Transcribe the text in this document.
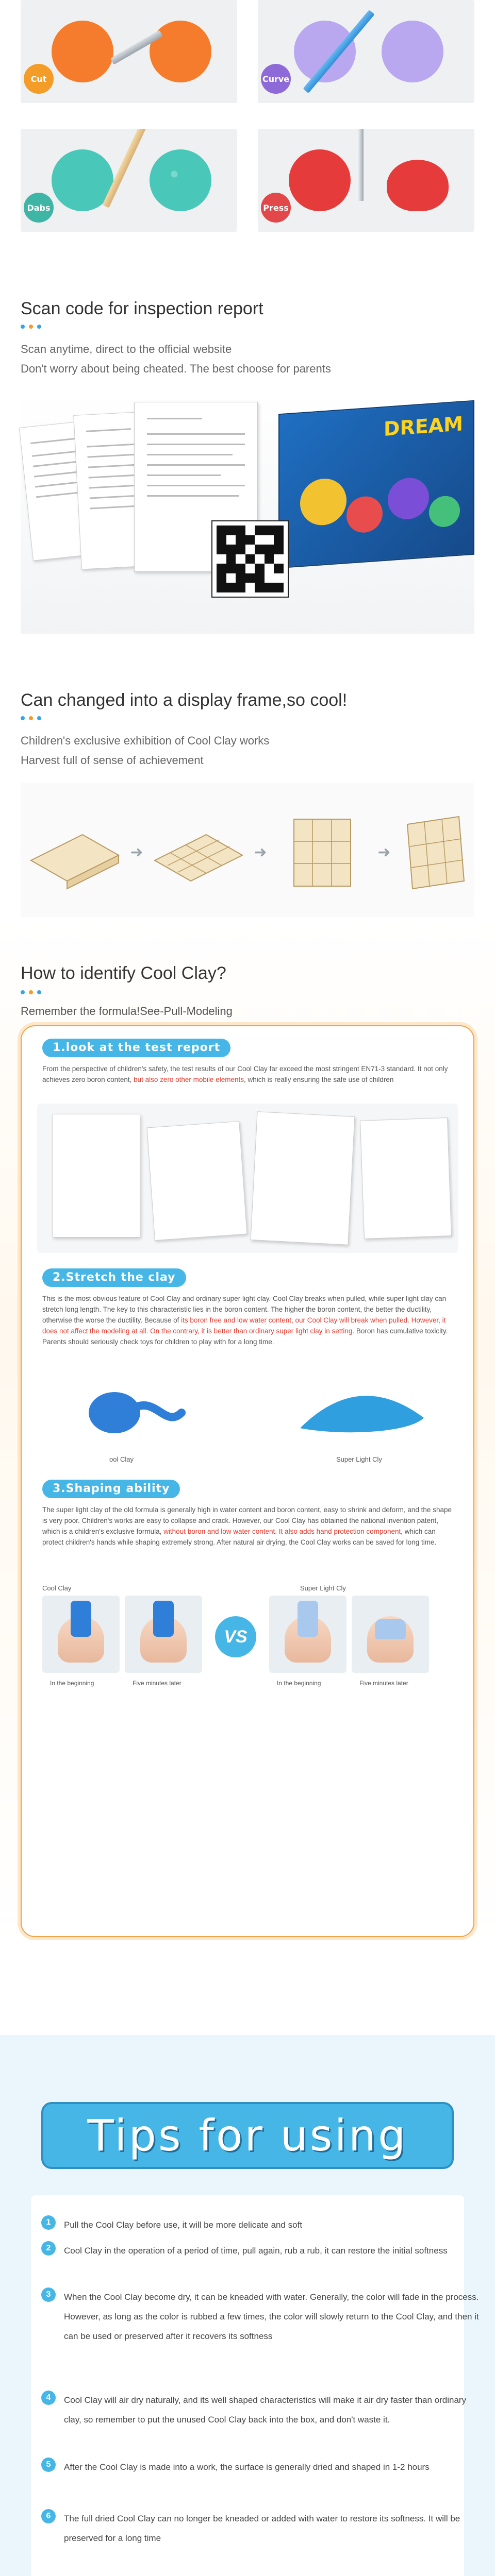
Cut	Curve
Dabs	Press
Scan code for inspection report
Scan anytime, direct to the official website
Don't worry about being cheated. The best choose for parents
DREAM
Can changed into a display frame,so cool!
Children's exclusive exhibition of Cool Clay works
Harvest full of sense of achievement
➜	➜	➜
How to identify Cool Clay?
Remember the formula!See-Pull-Modeling
1.look at the test report
From the perspective of children's safety, the test results of our Cool Clay far exceed the most stringent EN71-3 standard. It not only achieves zero boron content, but also zero other mobile elements, which is really ensuring the safe use of children
2.Stretch the clay
This is the most obvious feature of Cool Clay and ordinary super light clay. Cool Clay breaks when pulled, while super light clay can stretch long length. The key to this characteristic lies in the boron content. The higher the boron content, the better the ductility, otherwise the worse the ductility. Because of its boron free and low water content, our Cool Clay will break when pulled. However, it does not affect the modeling at all. On the contrary, it is better than ordinary super light clay in setting. Boron has cumulative toxicity. Parents should seriously check toys for children to play with for a long time.
ool Clay	Super Light Cly
3.Shaping ability
The super light clay of the old formula is generally high in water content and boron content, easy to shrink and deform, and the shape is very poor. Children's works are easy to collapse and crack. However, our Cool Clay has obtained the national invention patent, which is a children's exclusive formula, without boron and low water content. It also adds hand protection component, which can protect children's hands while shaping extremely strong. After natural air drying, the Cool Clay works can be saved for long time.
Cool Clay	Super Light Cly
VS
In the beginning	Five minutes later	In the beginning	Five minutes later
Tips for using
1	Pull the Cool Clay before use, it will be more delicate and soft
2	Cool Clay in the operation of a period of time, pull again, rub a rub, it can restore the initial softness
3	When the Cool Clay become dry, it can be kneaded with water. Generally, the color will fade in the process. However, as long as the color is rubbed a few times, the color will slowly return to the Cool Clay, and then it can be used or preserved after it recovers its softness
4	Cool Clay will air dry naturally, and its well shaped characteristics will make it air dry faster than ordinary clay, so remember to put the unused Cool Clay back into the box, and don't waste it.
5	After the Cool Clay is made into a work, the surface is generally dried and shaped in 1-2 hours
6	The full dried Cool Clay can no longer be kneaded or added with water to restore its softness. It will be preserved for a long time
